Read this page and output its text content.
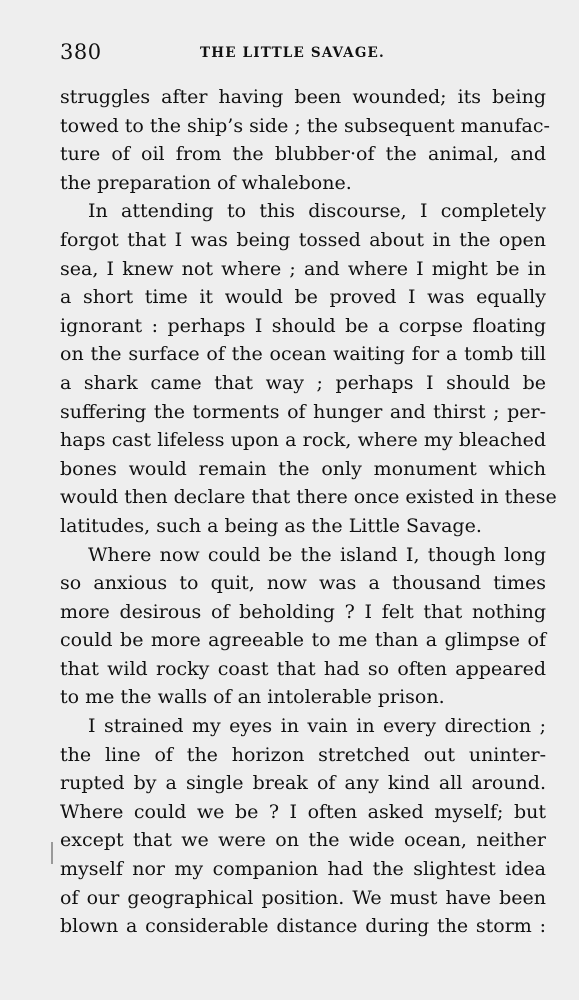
380	THE LITTLE SAVAGE.
struggles after having been wounded; its being
towed to the ship’s side ; the subsequent manufac-
ture of oil from the blubber·of the animal, and
the preparation of whalebone.
In attending to this discourse, I completely
forgot that I was being tossed about in the open
sea, I knew not where ; and where I might be in
a short time it would be proved I was equally
ignorant : perhaps I should be a corpse floating
on the surface of the ocean waiting for a tomb till
a shark came that way ; perhaps I should be
suffering the torments of hunger and thirst ; per-
haps cast lifeless upon a rock, where my bleached
bones would remain the only monument which
would then declare that there once existed in these
latitudes, such a being as the Little Savage.
Where now could be the island I, though long
so anxious to quit, now was a thousand times
more desirous of beholding ? I felt that nothing
could be more agreeable to me than a glimpse of
that wild rocky coast that had so often appeared
to me the walls of an intolerable prison.
I strained my eyes in vain in every direction ;
the line of the horizon stretched out uninter-
rupted by a single break of any kind all around.
Where could we be ? I often asked myself; but
except that we were on the wide ocean, neither
myself nor my companion had the slightest idea
of our geographical position. We must have been
blown a considerable distance during the storm :
